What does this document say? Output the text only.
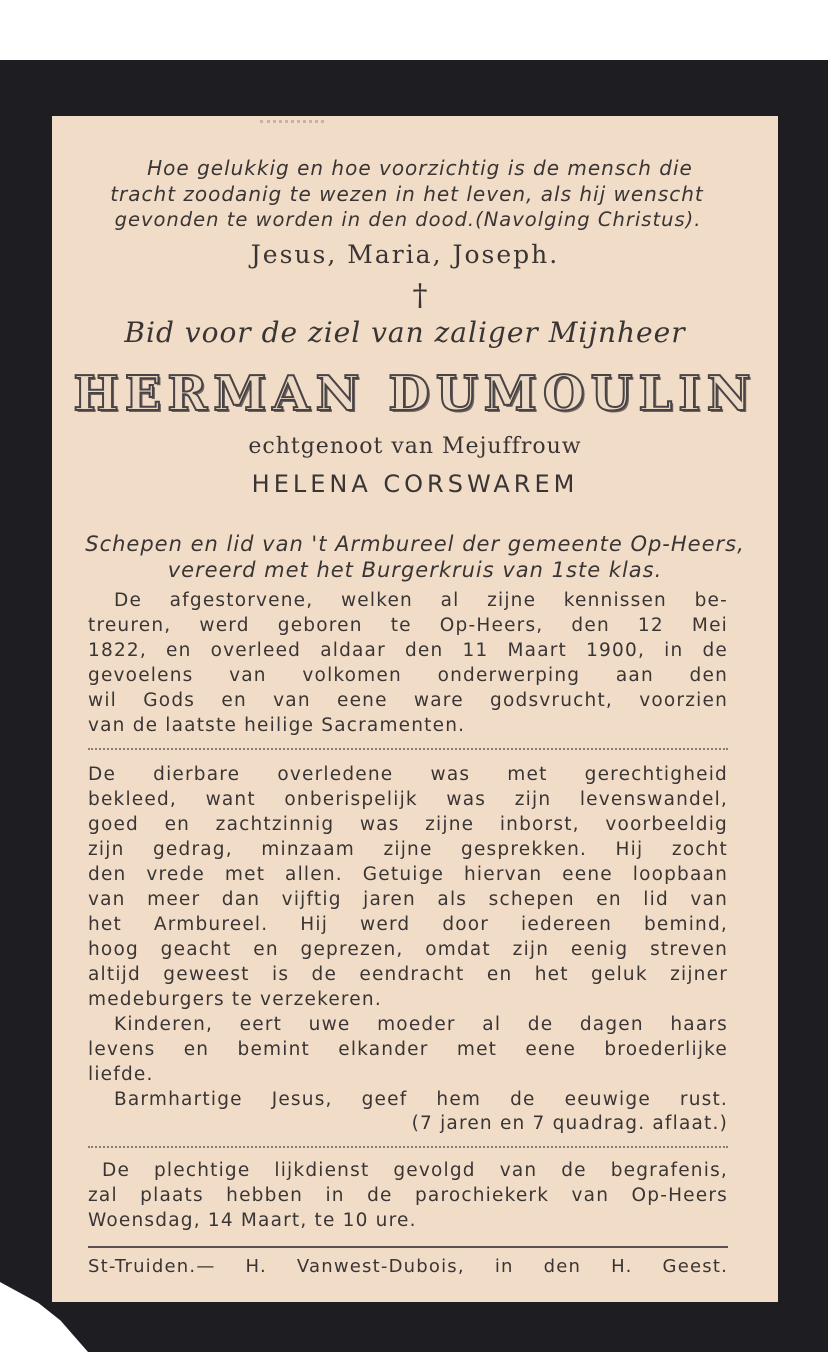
Hoe gelukkig en hoe voorzichtig is de mensch die

tracht zoodanig te wezen in het leven, als hij wenscht

gevonden te worden in den dood.(Navolging Christus).

Jesus, Maria, Joseph.

†

Bid voor de ziel van zaliger Mijnheer

HERMAN DUMOULIN

echtgenoot van Mejuffrouw

HELENA CORSWAREM

Schepen en lid van 't Armbureel der gemeente Op-Heers,

vereerd met het Burgerkruis van 1ste klas.

De afgestorvene, welken al zijne kennissen be-

treuren, werd geboren te Op-Heers, den 12 Mei

1822, en overleed aldaar den 11 Maart 1900, in de

gevoelens van volkomen onderwerping aan den

wil Gods en van eene ware godsvrucht, voorzien

van de laatste heilige Sacramenten.

De dierbare overledene was met gerechtigheid

bekleed, want onberispelijk was zijn levenswandel,

goed en zachtzinnig was zijne inborst, voorbeeldig

zijn gedrag, minzaam zijne gesprekken. Hij zocht

den vrede met allen. Getuige hiervan eene loopbaan

van meer dan vijftig jaren als schepen en lid van

het Armbureel. Hij werd door iedereen bemind,

hoog geacht en geprezen, omdat zijn eenig streven

altijd geweest is de eendracht en het geluk zijner

medeburgers te verzekeren.

Kinderen, eert uwe moeder al de dagen haars

levens en bemint elkander met eene broederlijke

liefde.

Barmhartige Jesus, geef hem de eeuwige rust.

(7 jaren en 7 quadrag. aflaat.)

De plechtige lijkdienst gevolgd van de begrafenis,

zal plaats hebben in de parochiekerk van Op-Heers

Woensdag, 14 Maart, te 10 ure.

St-Truiden.— H. Vanwest-Dubois, in den H. Geest.
